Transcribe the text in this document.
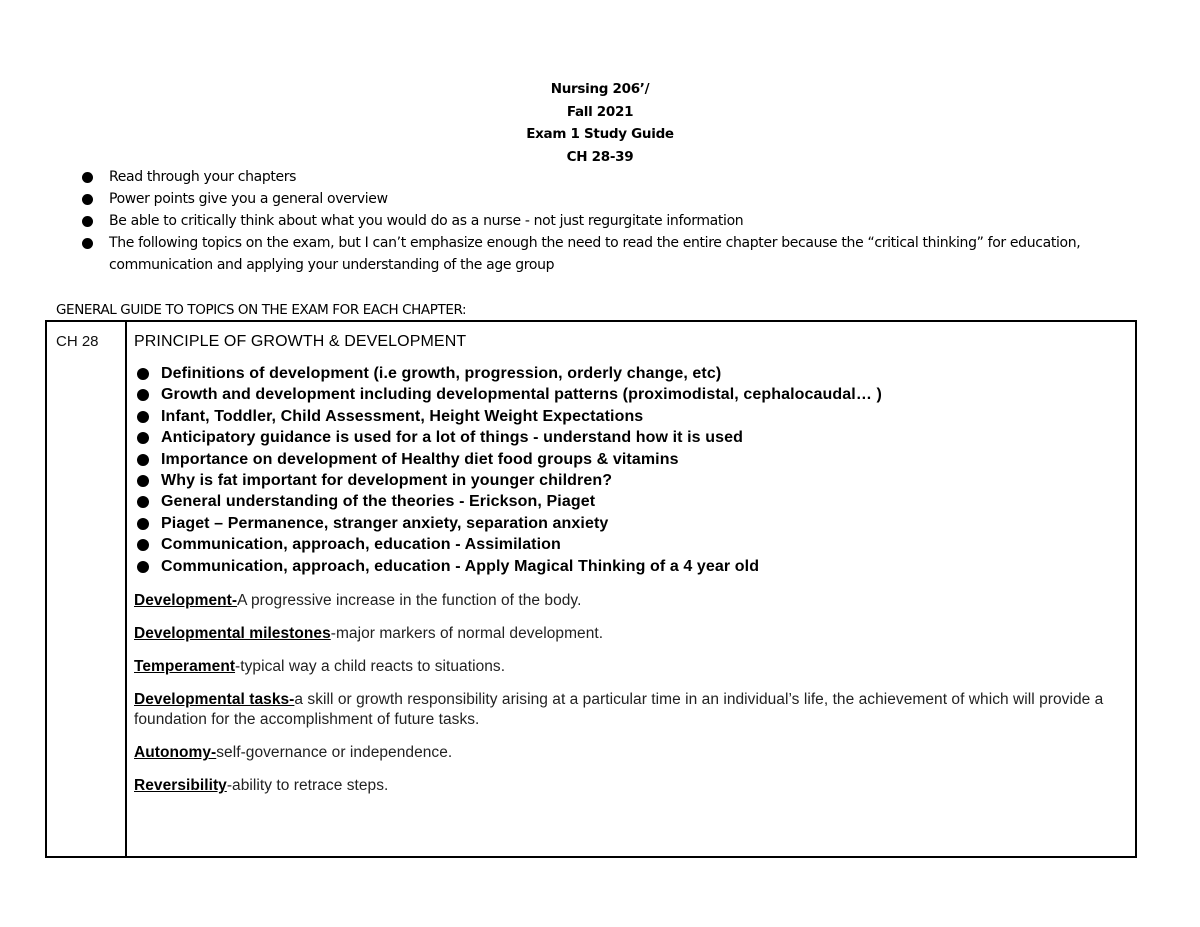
Nursing 206’/
Fall 2021
Exam 1 Study Guide
CH 28-39
Read through your chapters
Power points give you a general overview
Be able to critically think about what you would do as a nurse - not just regurgitate information
The following topics on the exam, but I can’t emphasize enough the need to read the entire chapter because the “critical thinking” for education, communication and applying your understanding of the age group
GENERAL GUIDE TO TOPICS ON THE EXAM FOR EACH CHAPTER:
CH 28 PRINCIPLE OF GROWTH & DEVELOPMENT
Definitions of development (i.e growth, progression, orderly change, etc)
Growth and development including developmental patterns (proximodistal, cephalocaudal… )
Infant, Toddler, Child Assessment, Height Weight Expectations
Anticipatory guidance is used for a lot of things - understand how it is used
Importance on development of Healthy diet food groups & vitamins
Why is fat important for development in younger children?
General understanding of the theories - Erickson, Piaget
Piaget – Permanence, stranger anxiety, separation anxiety
Communication, approach, education - Assimilation
Communication, approach, education - Apply Magical Thinking of a 4 year old
Development-A progressive increase in the function of the body.
Developmental milestones-major markers of normal development.
Temperament-typical way a child reacts to situations.
Developmental tasks-a skill or growth responsibility arising at a particular time in an individual’s life, the achievement of which will provide a foundation for the accomplishment of future tasks.
Autonomy-self-governance or independence.
Reversibility-ability to retrace steps.
